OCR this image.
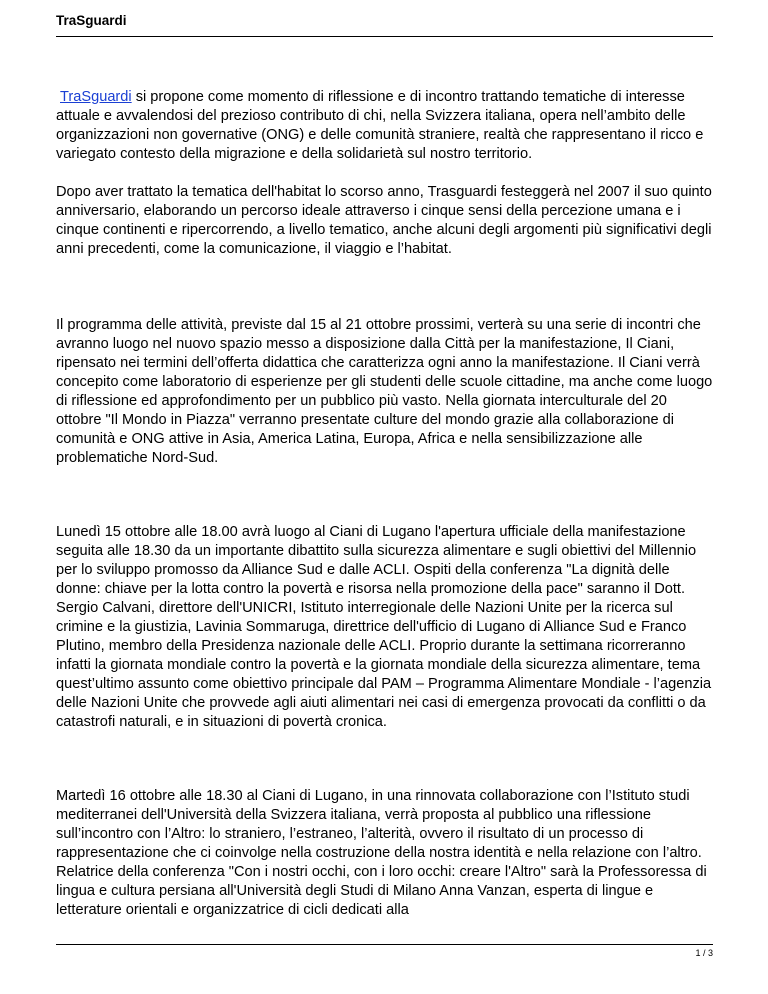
TraSguardi

TraSguardi si propone come momento di riflessione e di incontro trattando tematiche di interesse attuale e avvalendosi del prezioso contributo di chi, nella Svizzera italiana, opera nell’ambito delle organizzazioni non governative (ONG) e delle comunità straniere, realtà che rappresentano il ricco e variegato contesto della migrazione e della solidarietà sul nostro territorio.

Dopo aver trattato la tematica dell'habitat lo scorso anno, Trasguardi festeggerà nel 2007 il suo quinto anniversario, elaborando un percorso ideale attraverso i cinque sensi della percezione umana e i cinque continenti e ripercorrendo, a livello tematico, anche alcuni degli argomenti più significativi degli anni precedenti, come la comunicazione, il viaggio e l’habitat.

Il programma delle attività, previste dal 15 al 21 ottobre prossimi, verterà su una serie di incontri che avranno luogo nel nuovo spazio messo a disposizione dalla Città per la manifestazione, Il Ciani, ripensato nei termini dell’offerta didattica che caratterizza ogni anno la manifestazione. Il Ciani verrà concepito come laboratorio di esperienze per gli studenti delle scuole cittadine, ma anche come luogo di riflessione ed approfondimento per un pubblico più vasto. Nella giornata interculturale del 20 ottobre "Il Mondo in Piazza" verranno presentate culture del mondo grazie alla collaborazione di comunità e ONG attive in Asia, America Latina, Europa, Africa e nella sensibilizzazione alle problematiche Nord-Sud.

Lunedì 15 ottobre alle 18.00 avrà luogo al Ciani di Lugano l'apertura ufficiale della manifestazione seguita alle 18.30 da un importante dibattito sulla sicurezza alimentare e sugli obiettivi del Millennio per lo sviluppo promosso da Alliance Sud e dalle ACLI. Ospiti della conferenza "La dignità delle donne: chiave per la lotta contro la povertà e risorsa nella promozione della pace" saranno il Dott. Sergio Calvani, direttore dell'UNICRI, Istituto interregionale delle Nazioni Unite per la ricerca sul crimine e la giustizia, Lavinia Sommaruga, direttrice dell'ufficio di Lugano di Alliance Sud e Franco Plutino, membro della Presidenza nazionale delle ACLI. Proprio durante la settimana ricorreranno infatti la giornata mondiale contro la povertà e la giornata mondiale della sicurezza alimentare, tema quest’ultimo assunto come obiettivo principale dal PAM – Programma Alimentare Mondiale - l’agenzia delle Nazioni Unite che provvede agli aiuti alimentari nei casi di emergenza provocati da conflitti o da catastrofi naturali, e in situazioni di povertà cronica.

Martedì 16 ottobre alle 18.30 al Ciani di Lugano, in una rinnovata collaborazione con l’Istituto studi mediterranei dell'Università della Svizzera italiana, verrà proposta al pubblico una riflessione sull’incontro con l’Altro: lo straniero, l’estraneo, l’alterità, ovvero il risultato di un processo di rappresentazione che ci coinvolge nella costruzione della nostra identità e nella relazione con l’altro. Relatrice della conferenza "Con i nostri occhi, con i loro occhi: creare l'Altro" sarà la Professoressa di lingua e cultura persiana all'Università degli Studi di Milano Anna Vanzan, esperta di lingue e letterature orientali e organizzatrice di cicli dedicati alla

1 / 3
